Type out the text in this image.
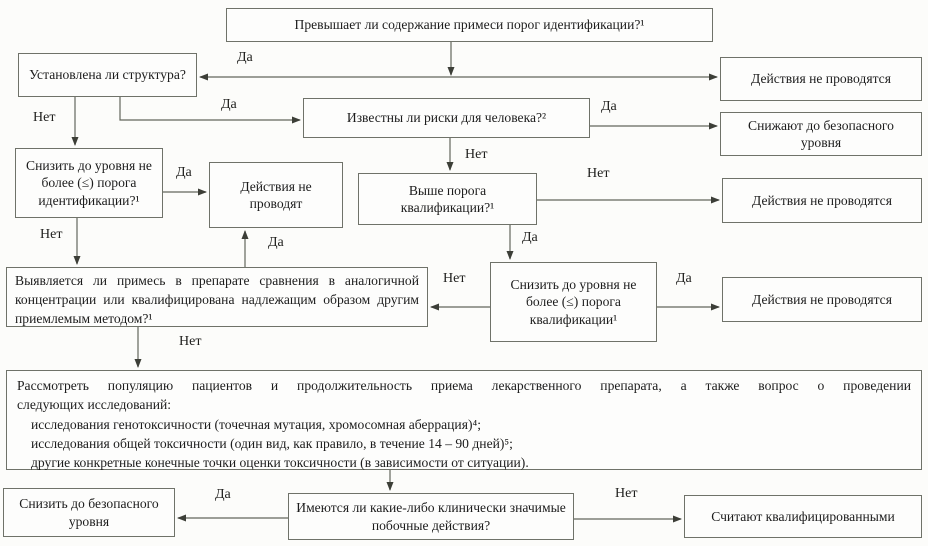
Превышает ли содержание примеси порог идентификации?¹
Установлена ли структура?	Действия не проводятся
Снижают до безопасного уровня
Известны ли риски для человека?²
Снизить до уровня не более (≤) порога идентификации?¹
Действия не проводят
Выше порога квалификации?¹	Действия не проводятся
Выявляется ли примесь в препарате сравнения в аналогичной концентрации или квалифицирована надлежащим образом другим приемлемым методом?¹
Снизить до уровня не более (≤) порога квалификации¹
Действия не проводятся
Рассмотреть популяцию пациентов и продолжительность приема лекарственного препарата, а также вопрос о проведении
следующих исследований:
исследования генотоксичности (точечная мутация, хромосомная аберрация)⁴;
исследования общей токсичности (один вид, как правило, в течение 14 – 90 дней)⁵;
другие конкретные конечные точки оценки токсичности (в зависимости от ситуации).
Снизить до безопасного уровня
Имеются ли какие-либо клинически значимые побочные действия?
Считают квалифицированными
Да
Нет
Да	Да
Нет
Да
Нет
Нет
Да
Да
Нет	Да
Нет
Да	Нет
